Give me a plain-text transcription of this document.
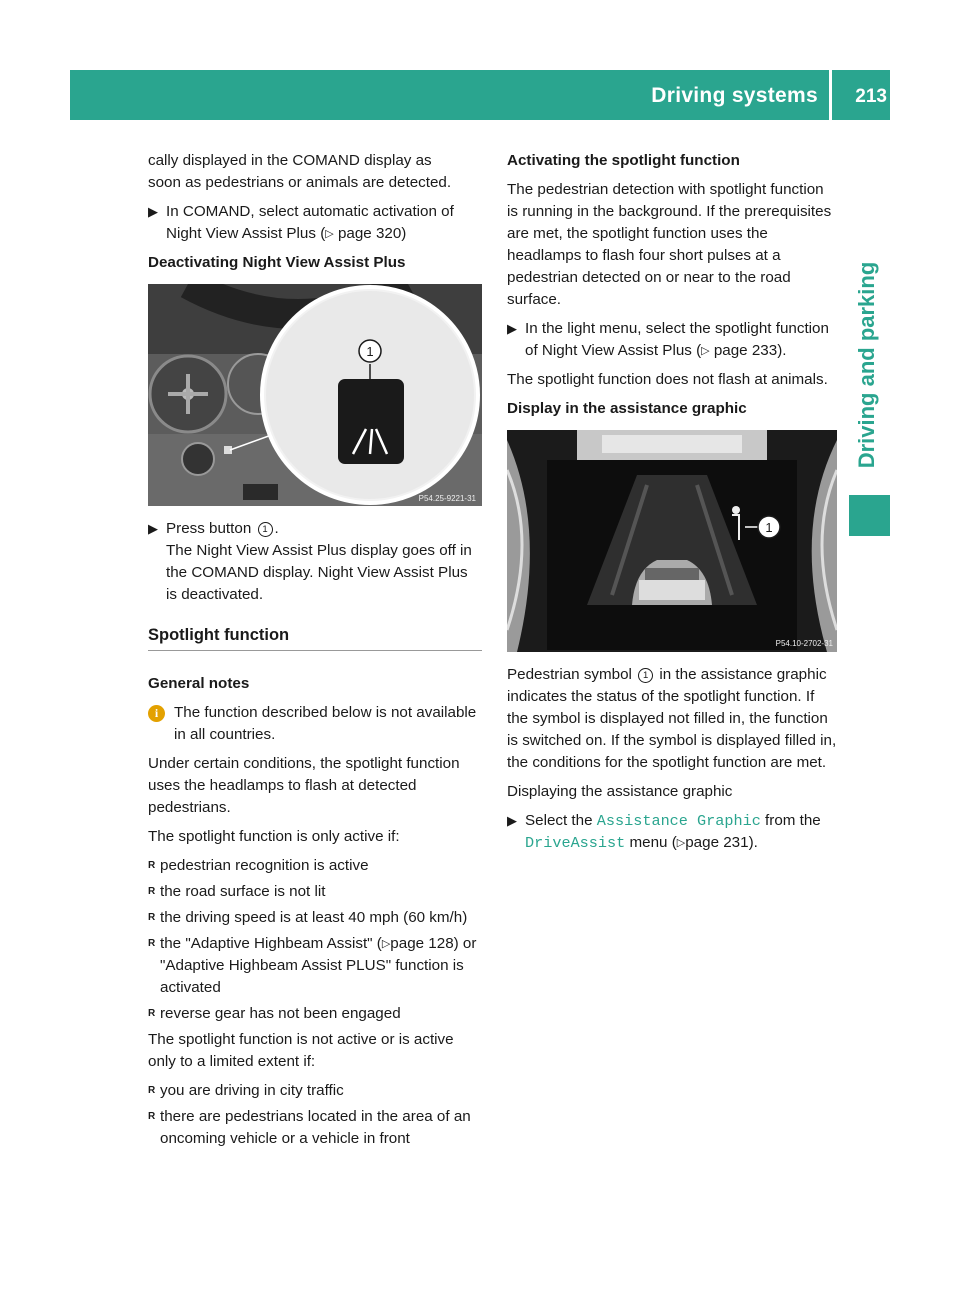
Driving systems 213
Driving and parking

cally displayed in the COMAND display as
soon as pedestrians or animals are detected.

▶ In COMAND, select automatic activation of Night View Assist Plus (▷ page 320)
Deactivating Night View Assist Plus
1
P54.25-9221-31
▶ Press button 1 .
The Night View Assist Plus display goes off in the COMAND display. Night View Assist Plus is deactivated.
Spotlight function
General notes
i	The function described below is not available in all countries.

Under certain conditions, the spotlight function uses the headlamps to flash at detected pedestrians.

The spotlight function is only active if:

R pedestrian recognition is active
R the road surface is not lit
R the driving speed is at least 40 mph (60 km/h)
R the "Adaptive Highbeam Assist" (▷page 128) or "Adaptive Highbeam Assist PLUS" function is activated
R reverse gear has not been engaged

The spotlight function is not active or is active only to a limited extent if:

R you are driving in city traffic
R there are pedestrians located in the area of an oncoming vehicle or a vehicle in front
Activating the spotlight function

The pedestrian detection with spotlight function is running in the background. If the prerequisites are met, the spotlight function uses the headlamps to flash four short pulses at a pedestrian detected on or near to the road surface.

▶ In the light menu, select the spotlight function of Night View Assist Plus (▷ page 233).

The spotlight function does not flash at animals.

Display in the assistance graphic
1
P54.10-2702-31

Pedestrian symbol 1 in the assistance graphic indicates the status of the spotlight function. If the symbol is displayed not filled in, the function is switched on. If the symbol is displayed filled in, the conditions for the spotlight function are met.

Displaying the assistance graphic

▶ Select the Assistance Graphic from the DriveAssist menu (▷page 231).
